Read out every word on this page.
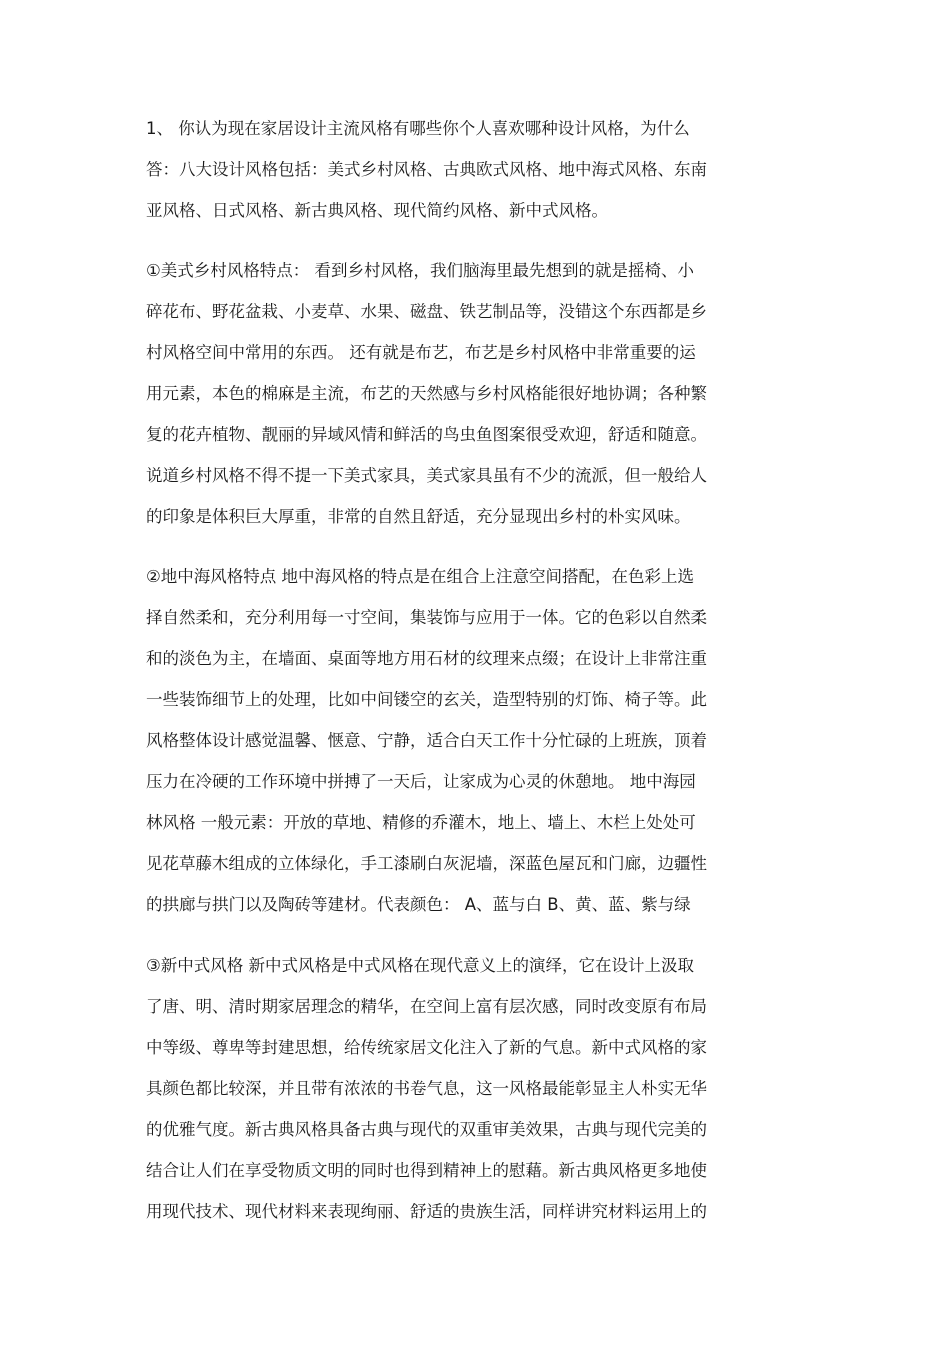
1、 你认为现在家居设计主流风格有哪些你个人喜欢哪种设计风格，为什么
答：八大设计风格包括：美式乡村风格、古典欧式风格、地中海式风格、东南
亚风格、日式风格、新古典风格、现代简约风格、新中式风格。
①美式乡村风格特点： 看到乡村风格，我们脑海里最先想到的就是摇椅、小
碎花布、野花盆栽、小麦草、水果、磁盘、铁艺制品等，没错这个东西都是乡
村风格空间中常用的东西。 还有就是布艺，布艺是乡村风格中非常重要的运
用元素，本色的棉麻是主流，布艺的天然感与乡村风格能很好地协调；各种繁
复的花卉植物、靓丽的异域风情和鲜活的鸟虫鱼图案很受欢迎，舒适和随意。
说道乡村风格不得不提一下美式家具，美式家具虽有不少的流派，但一般给人
的印象是体积巨大厚重，非常的自然且舒适，充分显现出乡村的朴实风味。
②地中海风格特点 地中海风格的特点是在组合上注意空间搭配，在色彩上选
择自然柔和，充分利用每一寸空间，集装饰与应用于一体。它的色彩以自然柔
和的淡色为主，在墙面、桌面等地方用石材的纹理来点缀；在设计上非常注重
一些装饰细节上的处理，比如中间镂空的玄关，造型特别的灯饰、椅子等。此
风格整体设计感觉温馨、惬意、宁静，适合白天工作十分忙碌的上班族，顶着
压力在冷硬的工作环境中拼搏了一天后，让家成为心灵的休憩地。 地中海园
林风格 一般元素：开放的草地、精修的乔灌木，地上、墙上、木栏上处处可
见花草藤木组成的立体绿化，手工漆刷白灰泥墙，深蓝色屋瓦和门廊，边疆性
的拱廊与拱门以及陶砖等建材。代表颜色： A、蓝与白 B、黄、蓝、紫与绿
③新中式风格 新中式风格是中式风格在现代意义上的演绎，它在设计上汲取
了唐、明、清时期家居理念的精华，在空间上富有层次感，同时改变原有布局
中等级、尊卑等封建思想，给传统家居文化注入了新的气息。新中式风格的家
具颜色都比较深，并且带有浓浓的书卷气息，这一风格最能彰显主人朴实无华
的优雅气度。新古典风格具备古典与现代的双重审美效果，古典与现代完美的
结合让人们在享受物质文明的同时也得到精神上的慰藉。新古典风格更多地使
用现代技术、现代材料来表现绚丽、舒适的贵族生活，同样讲究材料运用上的
